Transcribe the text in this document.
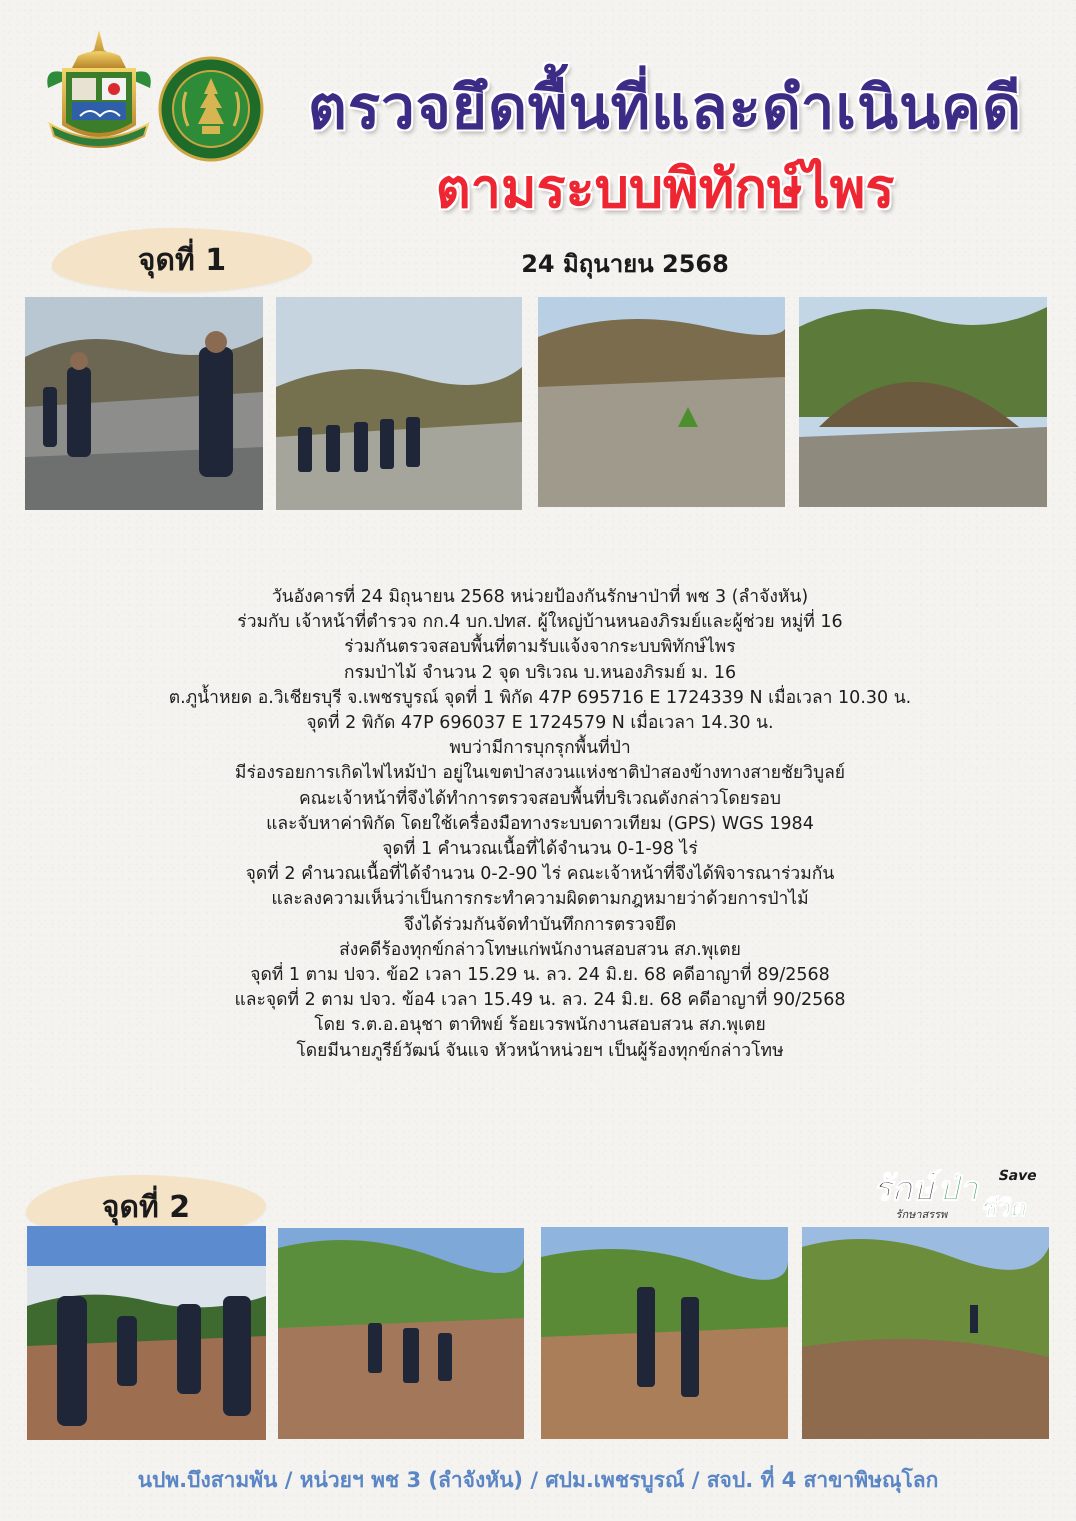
ตรวจยึดพื้นที่และดำเนินคดี
ตามระบบพิทักษ์ไพร
จุดที่ 1	24 มิถุนายน 2568
วันอังคารที่ 24 มิถุนายน 2568 หน่วยป้องกันรักษาป่าที่ พช 3 (ลำจังหัน)
ร่วมกับ เจ้าหน้าที่ตำรวจ กก.4 บก.ปทส. ผู้ใหญ่บ้านหนองภิรมย์และผู้ช่วย หมู่ที่ 16
ร่วมกันตรวจสอบพื้นที่ตามรับแจ้งจากระบบพิทักษ์ไพร
กรมป่าไม้ จำนวน 2 จุด บริเวณ บ.หนองภิรมย์ ม. 16
ต.ภูน้ำหยด อ.วิเชียรบุรี จ.เพชรบูรณ์ จุดที่ 1 พิกัด 47P 695716 E 1724339 N เมื่อเวลา 10.30 น.
จุดที่ 2 พิกัด 47P 696037 E 1724579 N เมื่อเวลา 14.30 น.
พบว่ามีการบุกรุกพื้นที่ป่า
มีร่องรอยการเกิดไฟไหม้ป่า อยู่ในเขตป่าสงวนแห่งชาติป่าสองข้างทางสายชัยวิบูลย์
คณะเจ้าหน้าที่จึงได้ทำการตรวจสอบพื้นที่บริเวณดังกล่าวโดยรอบ
และจับหาค่าพิกัด โดยใช้เครื่องมือทางระบบดาวเทียม (GPS) WGS 1984
จุดที่ 1 คำนวณเนื้อที่ได้จำนวน 0-1-98 ไร่
จุดที่ 2 คำนวณเนื้อที่ได้จำนวน 0-2-90 ไร่ คณะเจ้าหน้าที่จึงได้พิจารณาร่วมกัน
และลงความเห็นว่าเป็นการกระทำความผิดตามกฎหมายว่าด้วยการป่าไม้
จึงได้ร่วมกันจัดทำบันทึกการตรวจยึด
ส่งคดีร้องทุกข์กล่าวโทษแก่พนักงานสอบสวน สภ.พุเตย
จุดที่ 1 ตาม ปจว. ข้อ2 เวลา 15.29 น. ลว. 24 มิ.ย. 68 คดีอาญาที่ 89/2568
และจุดที่ 2 ตาม ปจว. ข้อ4 เวลา 15.49 น. ลว. 24 มิ.ย. 68 คดีอาญาที่ 90/2568
โดย ร.ต.อ.อนุชา ตาทิพย์ ร้อยเวรพนักงานสอบสวน สภ.พุเตย
โดยมีนายภูรีย์วัฒน์ จันแจ หัวหน้าหน่วยฯ เป็นผู้ร้องทุกข์กล่าวโทษ
รักษ์
ป่า Save
ชีวิต
รักษาสรรพ
จุดที่ 2
นปพ.บึงสามพัน / หน่วยฯ พช 3 (ลำจังหัน) / ศปม.เพชรบูรณ์ / สจป. ที่ 4 สาขาพิษณุโลก
